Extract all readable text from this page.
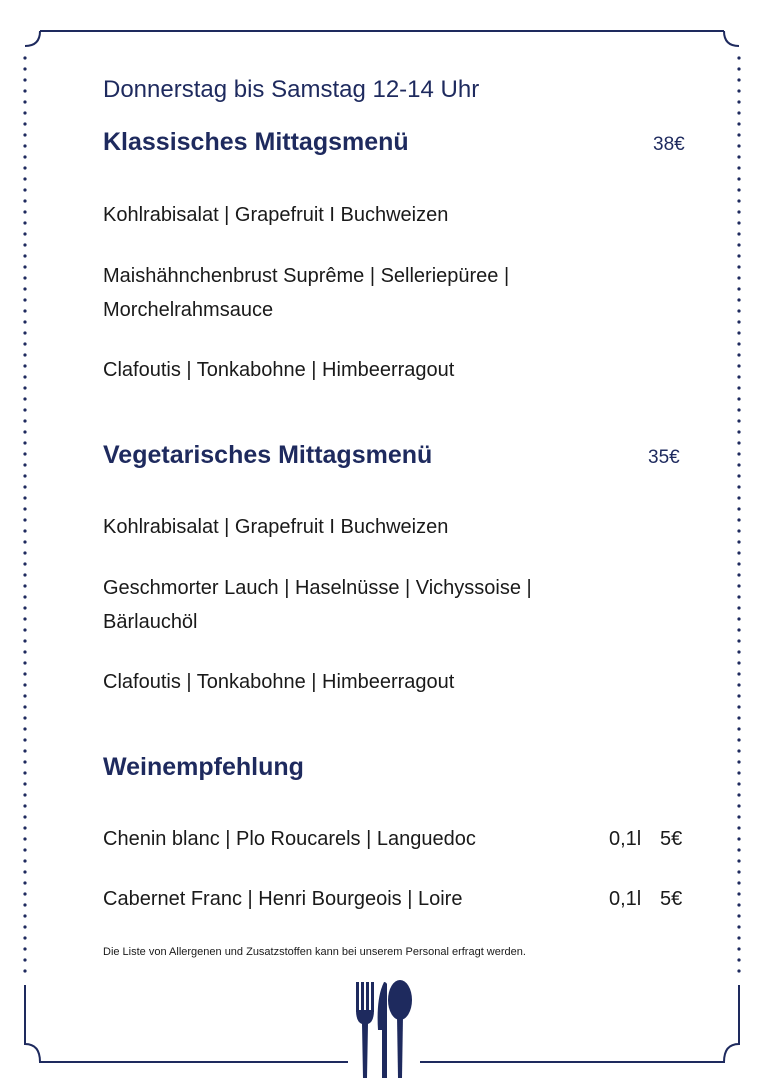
Donnerstag bis Samstag 12-14 Uhr
Klassisches Mittagsmenü	38€
Kohlrabisalat | Grapefruit I Buchweizen
Maishähnchenbrust Suprême | Selleriepüree | Morchelrahmsauce
Clafoutis | Tonkabohne | Himbeerragout
Vegetarisches Mittagsmenü	35€
Kohlrabisalat | Grapefruit I Buchweizen
Geschmorter Lauch | Haselnüsse | Vichyssoise | Bärlauchöl
Clafoutis | Tonkabohne | Himbeerragout
Weinempfehlung
Chenin blanc | Plo Roucarels | Languedoc	0,1l 5€
Cabernet Franc | Henri Bourgeois | Loire	0,1l 5€
Die Liste von Allergenen und Zusatzstoffen kann bei unserem Personal erfragt werden.
